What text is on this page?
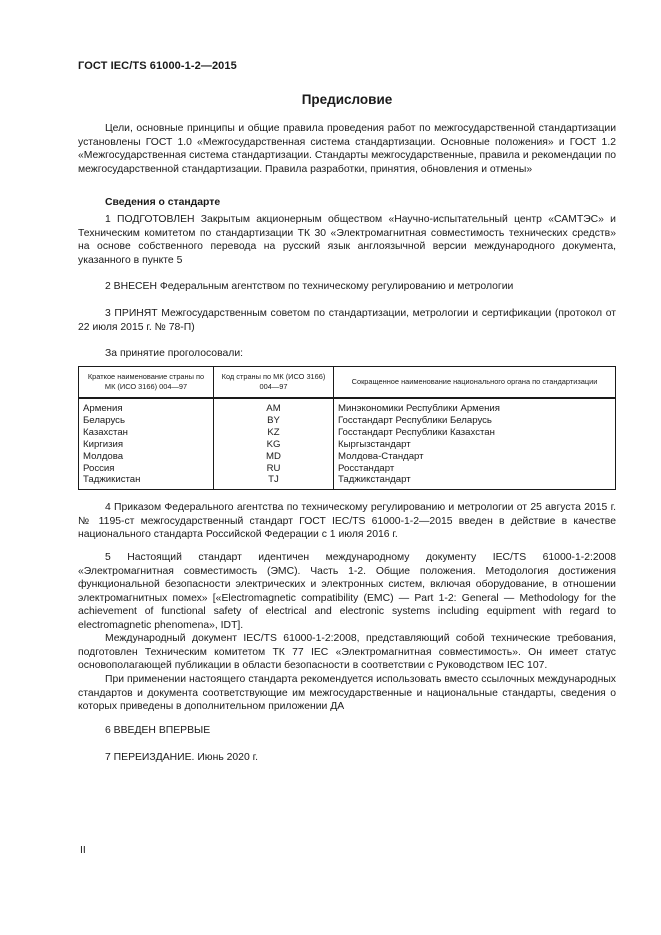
ГОСТ IEC/TS 61000-1-2—2015
Предисловие

Цели, основные принципы и общие правила проведения работ по межгосударственной стандартизации установлены ГОСТ 1.0 «Межгосударственная система стандартизации. Основные положения» и ГОСТ 1.2 «Межгосударственная система стандартизации. Стандарты межгосударственные, правила и рекомендации по межгосударственной стандартизации. Правила разработки, принятия, обновления и отмены»

Сведения о стандарте

1 ПОДГОТОВЛЕН Закрытым акционерным обществом «Научно-испытательный центр «САМТЭС» и Техническим комитетом по стандартизации ТК 30 «Электромагнитная совместимость технических средств» на основе собственного перевода на русский язык англоязычной версии международного документа, указанного в пункте 5

2 ВНЕСЕН Федеральным агентством по техническому регулированию и метрологии

3 ПРИНЯТ Межгосударственным советом по стандартизации, метрологии и сертификации (протокол от 22 июля 2015 г. № 78-П)

За принятие проголосовали:

Краткое наименование страны по МК (ИСО 3166) 004—97	Код страны по МК (ИСО 3166) 004—97	Сокращенное наименование национального органа по стандартизации
Армения	AM	Минэкономики Республики Армения
Беларусь	BY	Госстандарт Республики Беларусь
Казахстан	KZ	Госстандарт Республики Казахстан
Киргизия	KG	Кыргызстандарт
Молдова	MD	Молдова-Стандарт
Россия	RU	Росстандарт
Таджикистан	TJ	Таджикстандарт

4 Приказом Федерального агентства по техническому регулированию и метрологии от 25 августа 2015 г. № 1195-ст межгосударственный стандарт ГОСТ IEC/TS 61000-1-2—2015 введен в действие в качестве национального стандарта Российской Федерации с 1 июля 2016 г.

5 Настоящий стандарт идентичен международному документу IEC/TS 61000-1-2:2008 «Электромагнитная совместимость (ЭМС). Часть 1-2. Общие положения. Методология достижения функциональной безопасности электрических и электронных систем, включая оборудование, в отношении электромагнитных помех» [«Electromagnetic compatibility (EMC) — Part 1-2: General — Methodology for the achievement of functional safety of electrical and electronic systems including equipment with regard to electromagnetic phenomena», IDT].

Международный документ IEC/TS 61000-1-2:2008, представляющий собой технические требования, подготовлен Техническим комитетом ТК 77 IEC «Электромагнитная совместимость». Он имеет статус основополагающей публикации в области безопасности в соответствии с Руководством IEC 107.

При применении настоящего стандарта рекомендуется использовать вместо ссылочных международных стандартов и документа соответствующие им межгосударственные и национальные стандарты, сведения о которых приведены в дополнительном приложении ДА

6 ВВЕДЕН ВПЕРВЫЕ

7 ПЕРЕИЗДАНИЕ. Июнь 2020 г.

II
